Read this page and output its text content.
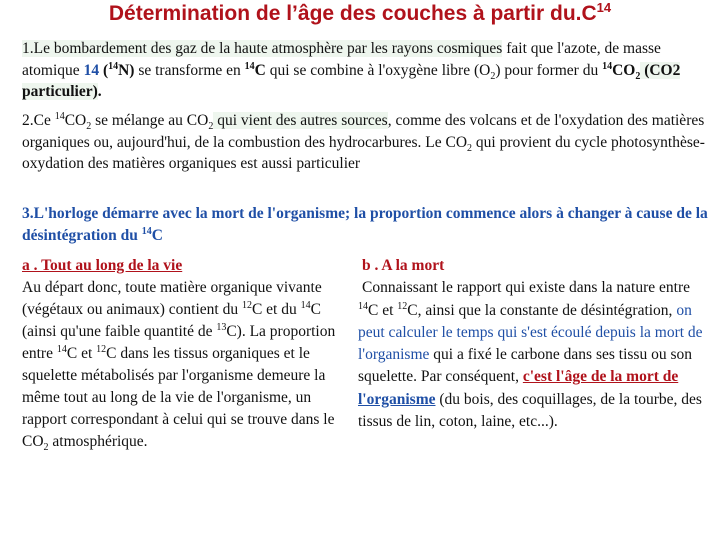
Détermination de l’âge des couches à partir $du.C^{14}$
1.Le bombardement des gaz de la haute atmosphère par les rayons cosmiques fait que l'azote, de masse atomique 14 ($^{14}$N) se transforme en $^{14}$C qui se combine à l'oxygène libre $(O_2)$ pour former du $^{14}CO_2$ (CO2 particulier).
2.Ce $^{14}CO_2$ se mélange au $CO_2$ qui vient des autres sources, comme des volcans et de l'oxydation des matières organiques ou, aujourd'hui, de la combustion des hydrocarbures. Le $CO_2$ qui provient du cycle photosynthèse-oxydation des matières organiques est aussi particulier
3.L'horloge démarre avec la mort de l'organisme; la proportion commence alors à changer à cause de la désintégration du $^{14}$C
a . Tout au long de la vie
Au départ donc, toute matière organique vivante (végétaux ou animaux) contient du $^{12}$C et du $^{14}$C (ainsi qu'une faible quantité de $^{13}$C). La proportion entre $^{14}$C et $^{12}$C dans les tissus organiques et le squelette métabolisés par l'organisme demeure la même tout au long de la vie de l'organisme, un rapport correspondant à celui qui se trouve dans le $CO_2$ atmosphérique.
b . A la mort
Connaissant le rapport qui existe dans la nature entre $^{14}$C et $^{12}$C, ainsi que la constante de désintégration, on peut calculer le temps qui s'est écoulé depuis la mort de l'organisme qui a fixé le carbone dans ses tissu ou son squelette. Par conséquent, c'est l'âge de la mort de l'organisme (du bois, des coquillages, de la tourbe, des tissus de lin, coton, laine, etc...).
